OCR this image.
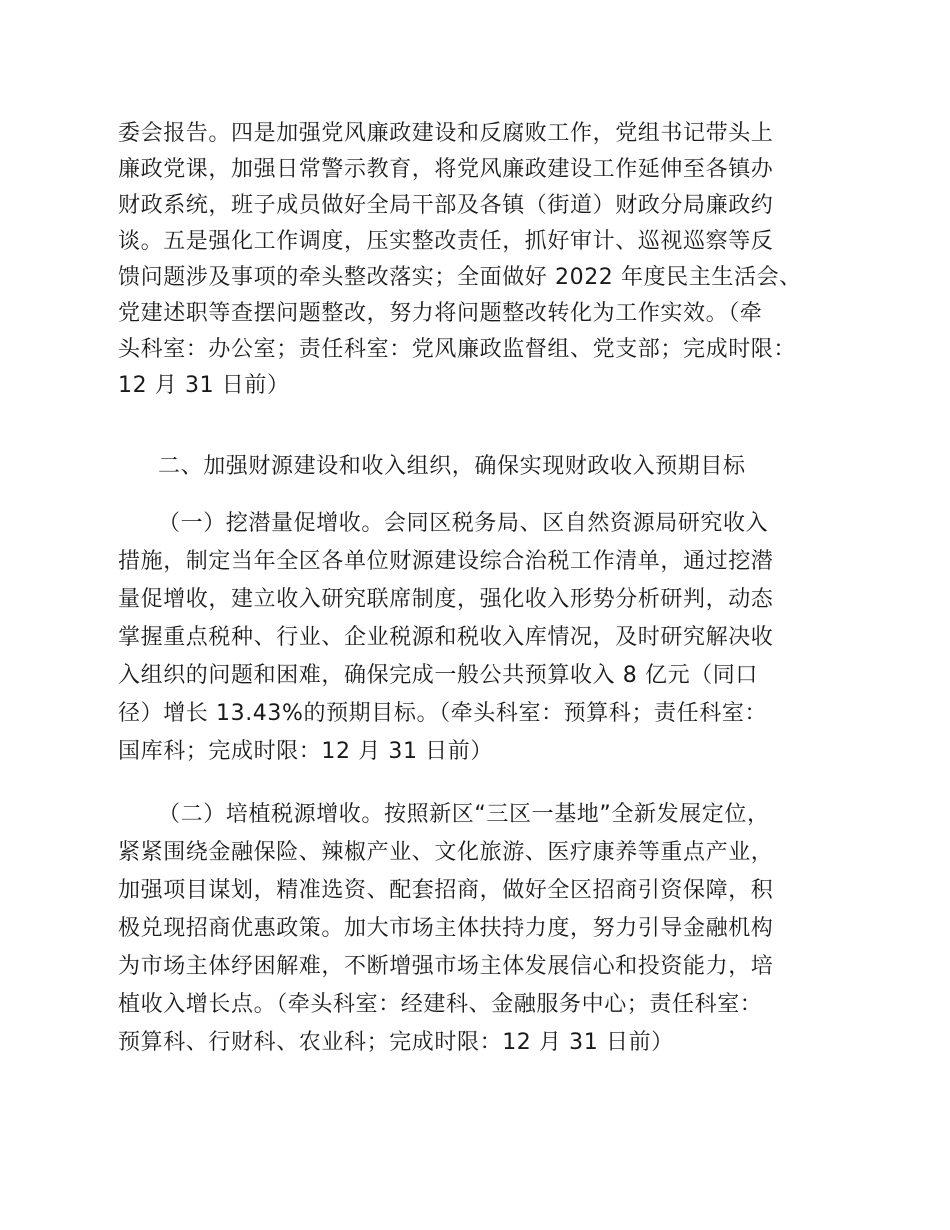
委会报告。四是加强党风廉政建设和反腐败工作，党组书记带头上
廉政党课，加强日常警示教育，将党风廉政建设工作延伸至各镇办
财政系统，班子成员做好全局干部及各镇（街道）财政分局廉政约
谈。五是强化工作调度，压实整改责任，抓好审计、巡视巡察等反
馈问题涉及事项的牵头整改落实；全面做好 2022 年度民主生活会、
党建述职等查摆问题整改，努力将问题整改转化为工作实效。（牵
头科室：办公室；责任科室：党风廉政监督组、党支部；完成时限：
12 月 31 日前）
二、加强财源建设和收入组织，确保实现财政收入预期目标
（一）挖潜量促增收。会同区税务局、区自然资源局研究收入
措施，制定当年全区各单位财源建设综合治税工作清单，通过挖潜
量促增收，建立收入研究联席制度，强化收入形势分析研判，动态
掌握重点税种、行业、企业税源和税收入库情况，及时研究解决收
入组织的问题和困难，确保完成一般公共预算收入 8 亿元（同口
径）增长 13.43%的预期目标。（牵头科室：预算科；责任科室：
国库科；完成时限：12 月 31 日前）
（二）培植税源增收。按照新区“三区一基地”全新发展定位，
紧紧围绕金融保险、辣椒产业、文化旅游、医疗康养等重点产业，
加强项目谋划，精准选资、配套招商，做好全区招商引资保障，积
极兑现招商优惠政策。加大市场主体扶持力度，努力引导金融机构
为市场主体纾困解难，不断增强市场主体发展信心和投资能力，培
植收入增长点。（牵头科室：经建科、金融服务中心；责任科室：
预算科、行财科、农业科；完成时限：12 月 31 日前）
